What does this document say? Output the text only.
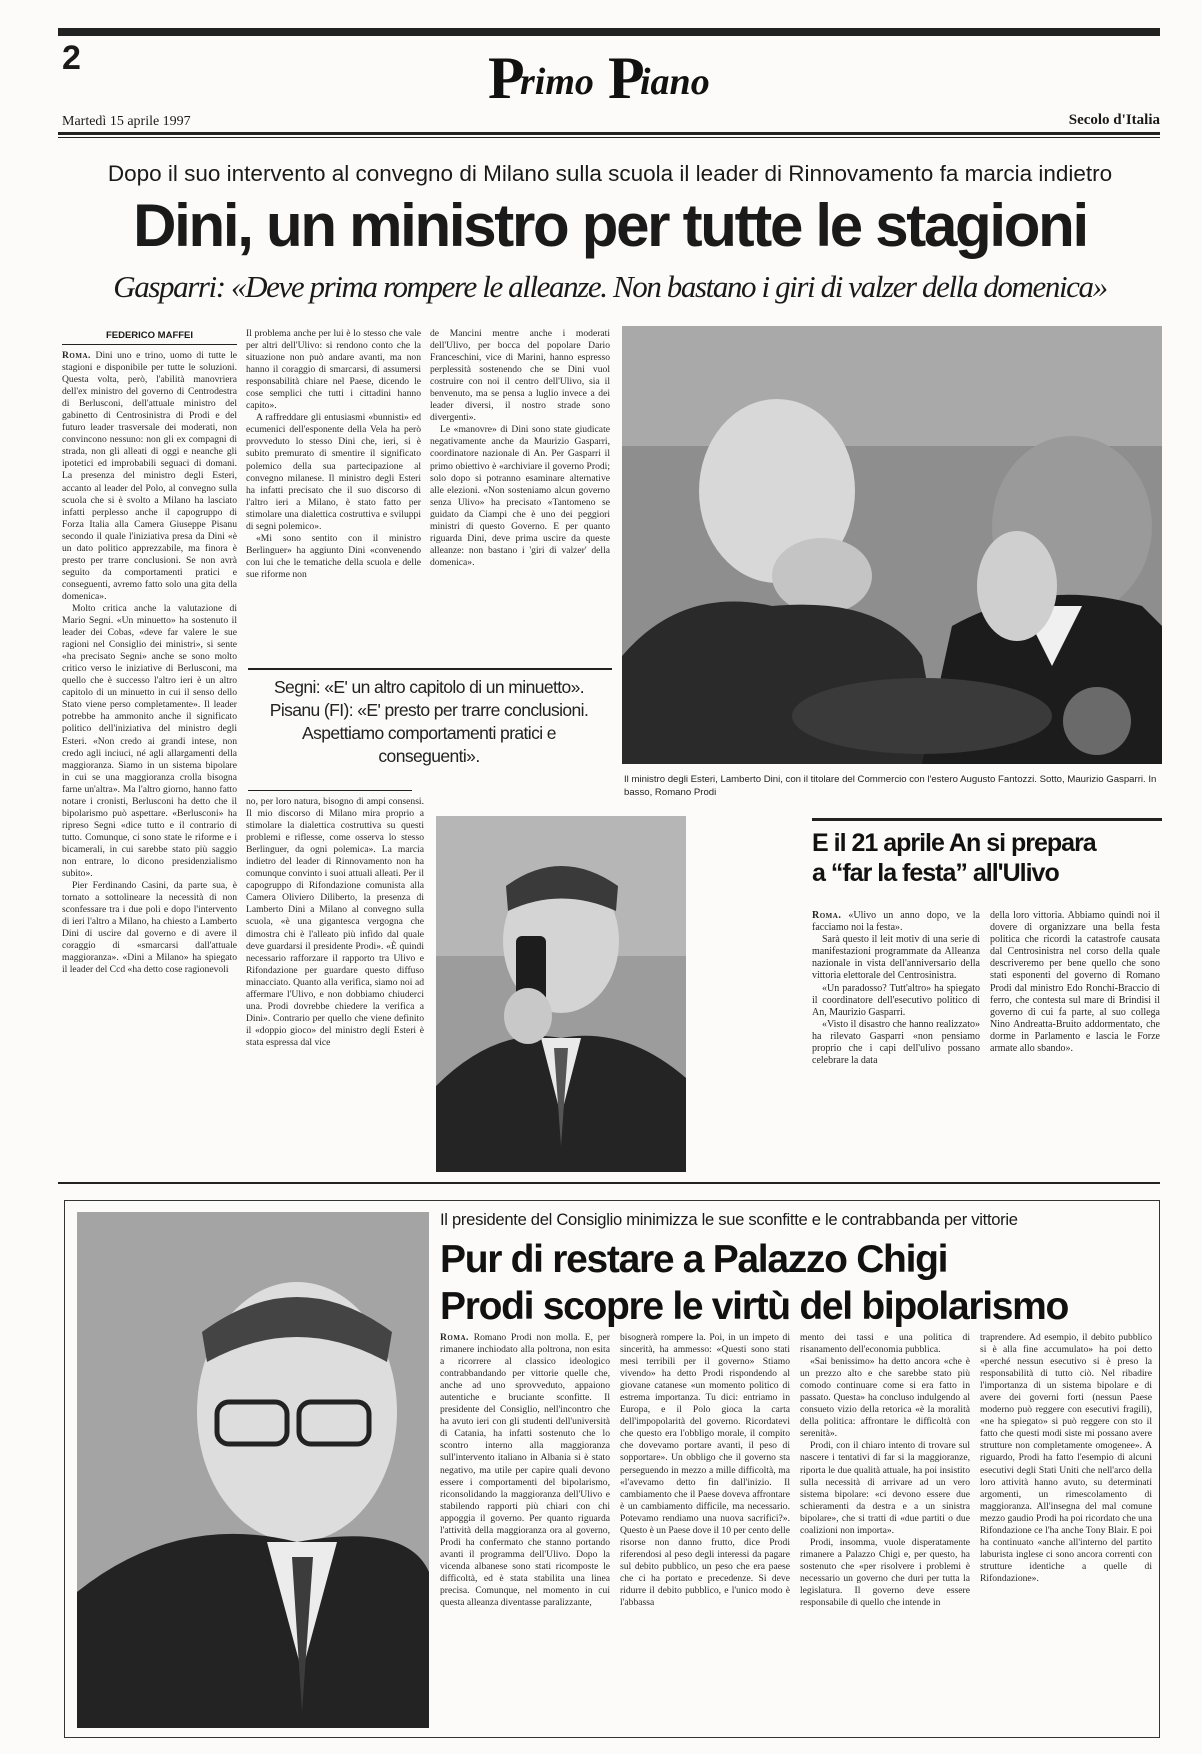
2	P
rimo P
iano
Martedì 15 aprile 1997	Secolo d'Italia
Dopo il suo intervento al convegno di Milano sulla scuola il leader di Rinnovamento fa marcia indietro
Dini, un ministro per tutte le stagioni
Gasparri: «Deve prima rompere le alleanze. Non bastano i giri di valzer della domenica»
FEDERICO MAFFEI

Roma. Dini uno e trino, uomo di tutte le stagioni e disponibile per tutte le soluzioni. Questa volta, però, l'abilità manovriera dell'ex ministro del governo di Centrodestra di Berlusconi, dell'attuale ministro del gabinetto di Centrosinistra di Prodi e del futuro leader trasversale dei moderati, non convincono nessuno: non gli ex compagni di strada, non gli alleati di oggi e neanche gli ipotetici ed improbabili seguaci di domani. La presenza del ministro degli Esteri, accanto al leader del Polo, al convegno sulla scuola che si è svolto a Milano ha lasciato infatti perplesso anche il capogruppo di Forza Italia alla Camera Giuseppe Pisanu secondo il quale l'iniziativa presa da Dini «è un dato politico apprezzabile, ma finora è presto per trarre conclusioni. Se non avrà seguito da comportamenti pratici e conseguenti, avremo fatto solo una gita della domenica».

Molto critica anche la valutazione di Mario Segni. «Un minuetto» ha sostenuto il leader dei Cobas, «deve far valere le sue ragioni nel Consiglio dei ministri», si sente «ha precisato Segni» anche se sono molto critico verso le iniziative di Berlusconi, ma quello che è successo l'altro ieri è un altro capitolo di un minuetto in cui il senso dello Stato viene perso completamente». Il leader potrebbe ha ammonito anche il significato politico dell'iniziativa del ministro degli Esteri. «Non credo ai grandi intese, non credo agli inciuci, né agli allargamenti della maggioranza. Siamo in un sistema bipolare in cui se una maggioranza crolla bisogna farne un'altra». Ma l'altro giorno, hanno fatto notare i cronisti, Berlusconi ha detto che il bipolarismo può aspettare. «Berlusconi» ha ripreso Segni «dice tutto e il contrario di tutto. Comunque, ci sono state le riforme e i bicamerali, in cui sarebbe stato più saggio non entrare, lo dicono presidenzialismo subito».

Pier Ferdinando Casini, da parte sua, è tornato a sottolineare la necessità di non sconfessare tra i due poli e dopo l'intervento di ieri l'altro a Milano, ha chiesto a Lamberto Dini di uscire dal governo e di avere il coraggio di «smarcarsi dall'attuale maggioranza». «Dini a Milano» ha spiegato il leader del Ccd «ha detto cose ragionevoli

Il problema anche per lui è lo stesso che vale per altri dell'Ulivo: si rendono conto che la situazione non può andare avanti, ma non hanno il coraggio di smarcarsi, di assumersi responsabilità chiare nel Paese, dicendo le cose semplici che tutti i cittadini hanno capito».

A raffreddare gli entusiasmi «bunnisti» ed ecumenici dell'esponente della Vela ha però provveduto lo stesso Dini che, ieri, si è subito premurato di smentire il significato polemico della sua partecipazione al convegno milanese. Il ministro degli Esteri ha infatti precisato che il suo discorso di l'altro ieri a Milano, è stato fatto per stimolare una dialettica costruttiva e sviluppi di segni polemico».

«Mi sono sentito con il ministro Berlinguer» ha aggiunto Dini «convenendo con lui che le tematiche della scuola e delle sue riforme non

de Mancini mentre anche i moderati dell'Ulivo, per bocca del popolare Dario Franceschini, vice di Marini, hanno espresso perplessità sostenendo che se Dini vuol costruire con noi il centro dell'Ulivo, sia il benvenuto, ma se pensa a luglio invece a dei leader diversi, il nostro strade sono divergenti».

Le «manovre» di Dini sono state giudicate negativamente anche da Maurizio Gasparri, coordinatore nazionale di An. Per Gasparri il primo obiettivo è «archiviare il governo Prodi; solo dopo si potranno esaminare alternative alle elezioni. «Non sosteniamo alcun governo senza Ulivo» ha precisato «Tantomeno se guidato da Ciampi che è uno dei peggiori ministri di questo Governo. E per quanto riguarda Dini, deve prima uscire da queste alleanze: non bastano i 'giri di valzer' della domenica».

Segni: «E' un altro capitolo di un minuetto». Pisanu (FI): «E' presto per trarre conclusioni. Aspettiamo comportamenti pratici e conseguenti».

no, per loro natura, bisogno di ampi consensi. Il mio discorso di Milano mira proprio a stimolare la dialettica costruttiva su questi problemi e riflesse, come osserva lo stesso Berlinguer, da ogni polemica». La marcia indietro del leader di Rinnovamento non ha comunque convinto i suoi attuali alleati. Per il capogruppo di Rifondazione comunista alla Camera Oliviero Diliberto, la presenza di Lamberto Dini a Milano al convegno sulla scuola, «è una gigantesca vergogna che dimostra chi è l'alleato più infido dal quale deve guardarsi il presidente Prodi». «È quindi necessario rafforzare il rapporto tra Ulivo e Rifondazione per guardare questo diffuso minacciato. Quanto alla verifica, siamo noi ad affermare l'Ulivo, e non dobbiamo chiuderci una. Prodi dovrebbe chiedere la verifica a Dini». Contrario per quello che viene definito il «doppio gioco» del ministro degli Esteri è stata espressa dal vice

Il ministro degli Esteri, Lamberto Dini, con il titolare del Commercio con l'estero Augusto Fantozzi. Sotto, Maurizio Gasparri. In basso, Romano Prodi
E il 21 aprile An si prepara
a “far la festa” all'Ulivo

Roma. «Ulivo un anno dopo, ve la facciamo noi la festa».

Sarà questo il leit motiv di una serie di manifestazioni programmate da Alleanza nazionale in vista dell'anniversario della vittoria elettorale del Centrosinistra.

«Un paradosso? Tutt'altro» ha spiegato il coordinatore dell'esecutivo politico di An, Maurizio Gasparri.

«Visto il disastro che hanno realizzato» ha rilevato Gasparri «non pensiamo proprio che i capi dell'ulivo possano celebrare la data

della loro vittoria. Abbiamo quindi noi il dovere di organizzare una bella festa politica che ricordi la catastrofe causata dal Centrosinistra nel corso della quale descriveremo per bene quello che sono stati esponenti del governo di Romano Prodi dal ministro Edo Ronchi-Braccio di ferro, che contesta sul mare di Brindisi il governo di cui fa parte, al suo collega Nino Andreatta-Bruito addormentato, che dorme in Parlamento e lascia le Forze armate allo sbando».

Il presidente del Consiglio minimizza le sue sconfitte e le contrabbanda per vittorie
Pur di restare a Palazzo Chigi
Prodi scopre le virtù del bipolarismo

Roma. Romano Prodi non molla. E, per rimanere inchiodato alla poltrona, non esita a ricorrere al classico ideologico contrabbandando per vittorie quelle che, anche ad uno sprovveduto, appaiono autentiche e bruciante sconfitte. Il presidente del Consiglio, nell'incontro che ha avuto ieri con gli studenti dell'università di Catania, ha infatti sostenuto che lo scontro interno alla maggioranza sull'intervento italiano in Albania si è stato negativo, ma utile per capire quali devono essere i comportamenti del bipolarismo, riconsolidando la maggioranza dell'Ulivo e stabilendo rapporti più chiari con chi appoggia il governo. Per quanto riguarda l'attività della maggioranza ora al governo, Prodi ha confermato che stanno portando avanti il programma dell'Ulivo. Dopo la vicenda albanese sono stati ricomposte le difficoltà, ed è stata stabilita una linea precisa. Comunque, nel momento in cui questa alleanza diventasse paralizzante,

bisognerà rompere la. Poi, in un impeto di sincerità, ha ammesso: «Questi sono stati mesi terribili per il governo» Stiamo vivendo» ha detto Prodi rispondendo al giovane catanese «un momento politico di estrema importanza. Tu dici: entriamo in Europa, e il Polo gioca la carta dell'impopolarità del governo. Ricordatevi che questo era l'obbligo morale, il compito che dovevamo portare avanti, il peso di sopportare». Un obbligo che il governo sta perseguendo in mezzo a mille difficoltà, ma «l'avevamo detto fin dall'inizio. Il cambiamento che il Paese doveva affrontare è un cambiamento difficile, ma necessario. Potevamo rendiamo una nuova sacrifici?». Questo è un Paese dove il 10 per cento delle risorse non danno frutto, dice Prodi riferendosi al peso degli interessi da pagare sul debito pubblico, un peso che era paese che ci ha portato e precedenze. Si deve ridurre il debito pubblico, e l'unico modo è l'abbassa

mento dei tassi e una politica di risanamento dell'economia pubblica.

«Sai benissimo» ha detto ancora «che è un prezzo alto e che sarebbe stato più comodo continuare come si era fatto in passato. Questa» ha concluso indulgendo al consueto vizio della retorica «è la moralità della politica: affrontare le difficoltà con serenità».

Prodi, con il chiaro intento di trovare sul nascere i tentativi di far si la maggioranze, riporta le due qualità attuale, ha poi insistito sulla necessità di arrivare ad un vero sistema bipolare: «ci devono essere due schieramenti da destra e a un sinistra bipolare», che si tratti di «due partiti o due coalizioni non importa».

Prodi, insomma, vuole disperatamente rimanere a Palazzo Chigi e, per questo, ha sostenuto che «per risolvere i problemi è necessario un governo che duri per tutta la legislatura. Il governo deve essere responsabile di quello che intende in

traprendere. Ad esempio, il debito pubblico si è alla fine accumulato» ha poi detto «perché nessun esecutivo si è preso la responsabilità di tutto ciò. Nel ribadire l'importanza di un sistema bipolare e di avere dei governi forti (nessun Paese moderno può reggere con esecutivi fragili), «ne ha spiegato» si può reggere con sto il fatto che questi modi siste mi possano avere strutture non completamente omogenee». A riguardo, Prodi ha fatto l'esempio di alcuni esecutivi degli Stati Uniti che nell'arco della loro attività hanno avuto, su determinati argomenti, un rimescolamento di maggioranza. All'insegna del mal comune mezzo gaudio Prodi ha poi ricordato che una Rifondazione ce l'ha anche Tony Blair. E poi ha continuato «anche all'interno del partito laburista inglese ci sono ancora correnti con strutture identiche a quelle di Rifondazione».
